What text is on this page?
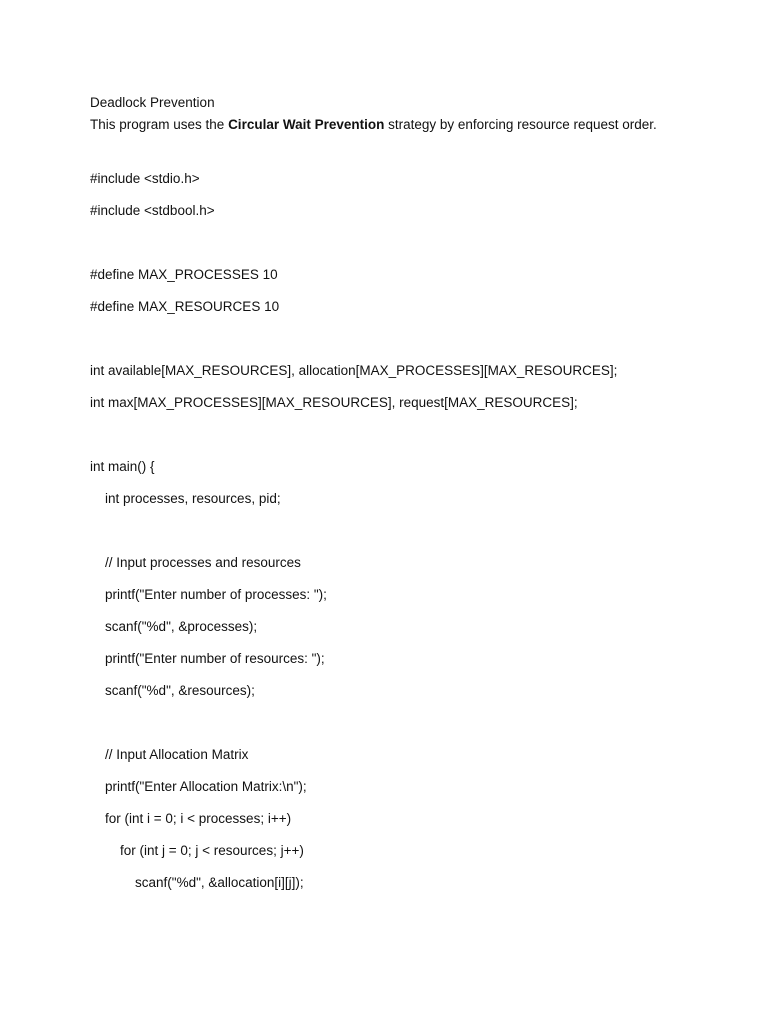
Deadlock Prevention
This program uses the Circular Wait Prevention strategy by enforcing resource request order.
#include <stdio.h>
#include <stdbool.h>
#define MAX_PROCESSES 10
#define MAX_RESOURCES 10
int available[MAX_RESOURCES], allocation[MAX_PROCESSES][MAX_RESOURCES];
int max[MAX_PROCESSES][MAX_RESOURCES], request[MAX_RESOURCES];
int main() {
int processes, resources, pid;
// Input processes and resources
printf("Enter number of processes: ");
scanf("%d", &processes);
printf("Enter number of resources: ");
scanf("%d", &resources);
// Input Allocation Matrix
printf("Enter Allocation Matrix:\n");
for (int i = 0; i < processes; i++)
for (int j = 0; j < resources; j++)
scanf("%d", &allocation[i][j]);
